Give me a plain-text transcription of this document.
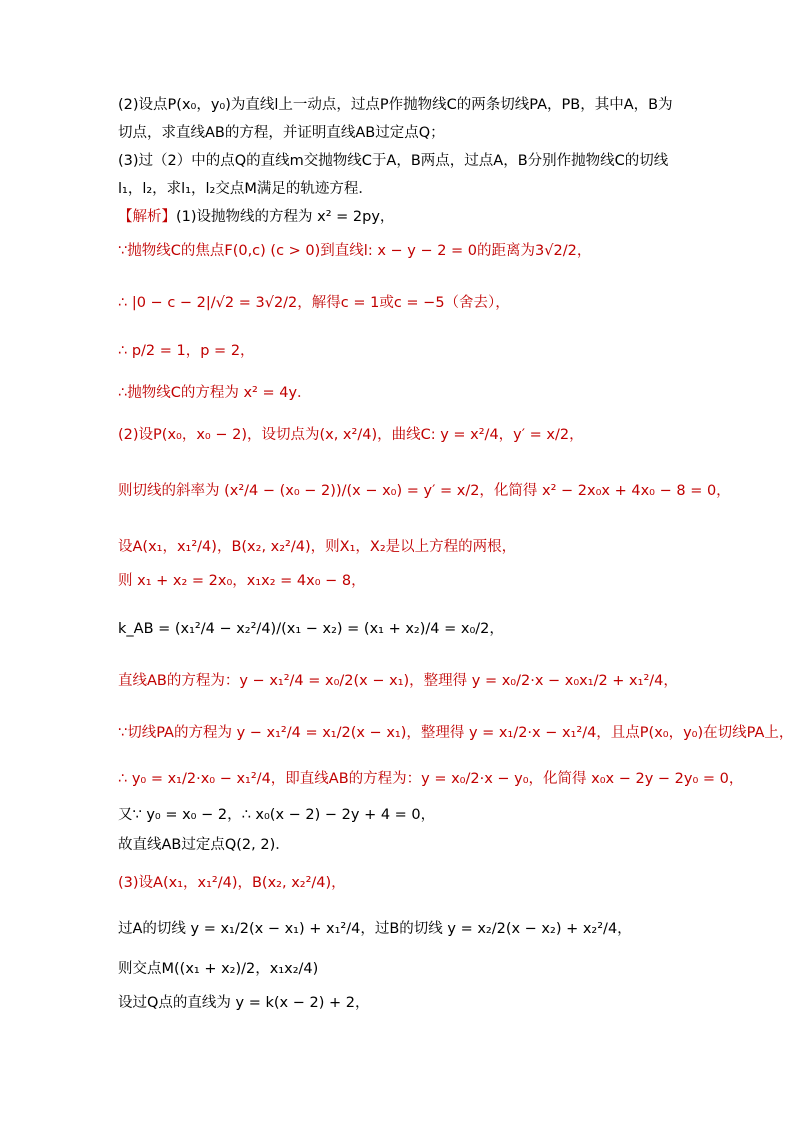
(2)设点P(x₀，y₀)为直线l上一动点，过点P作抛物线C的两条切线PA，PB，其中A，B为
切点，求直线AB的方程，并证明直线AB过定点Q；
(3)过（2）中的点Q的直线m交抛物线C于A，B两点，过点A，B分别作抛物线C的切线
l₁，l₂，求l₁，l₂交点M满足的轨迹方程．
【解析】(1)设抛物线的方程为 x² = 2py，
∵抛物线C的焦点F(0,c) (c > 0)到直线l: x − y − 2 = 0的距离为3√2/2，
∴ |0 − c − 2|/√2 = 3√2/2，解得c = 1或c = −5（舍去），
∴ p/2 = 1，p = 2，
∴抛物线C的方程为 x² = 4y．
(2)设P(x₀，x₀ − 2)，设切点为(x, x²/4)，曲线C: y = x²/4，y′ = x/2，
则切线的斜率为 (x²/4 − (x₀ − 2))/(x − x₀) = y′ = x/2，化简得 x² − 2x₀x + 4x₀ − 8 = 0，
设A(x₁，x₁²/4)，B(x₂, x₂²/4)，则X₁，X₂是以上方程的两根，
则 x₁ + x₂ = 2x₀，x₁x₂ = 4x₀ − 8，
k_AB = (x₁²/4 − x₂²/4)/(x₁ − x₂) = (x₁ + x₂)/4 = x₀/2，
直线AB的方程为：y − x₁²/4 = x₀/2(x − x₁)，整理得 y = x₀/2·x − x₀x₁/2 + x₁²/4，
∵切线PA的方程为 y − x₁²/4 = x₁/2(x − x₁)，整理得 y = x₁/2·x − x₁²/4，且点P(x₀，y₀)在切线PA上，
∴ y₀ = x₁/2·x₀ − x₁²/4，即直线AB的方程为：y = x₀/2·x − y₀，化简得 x₀x − 2y − 2y₀ = 0，
又∵ y₀ = x₀ − 2，∴ x₀(x − 2) − 2y + 4 = 0，
故直线AB过定点Q(2, 2)．
(3)设A(x₁，x₁²/4)，B(x₂, x₂²/4)，
过A的切线 y = x₁/2(x − x₁) + x₁²/4，过B的切线 y = x₂/2(x − x₂) + x₂²/4，
则交点M((x₁ + x₂)/2，x₁x₂/4)
设过Q点的直线为 y = k(x − 2) + 2，
